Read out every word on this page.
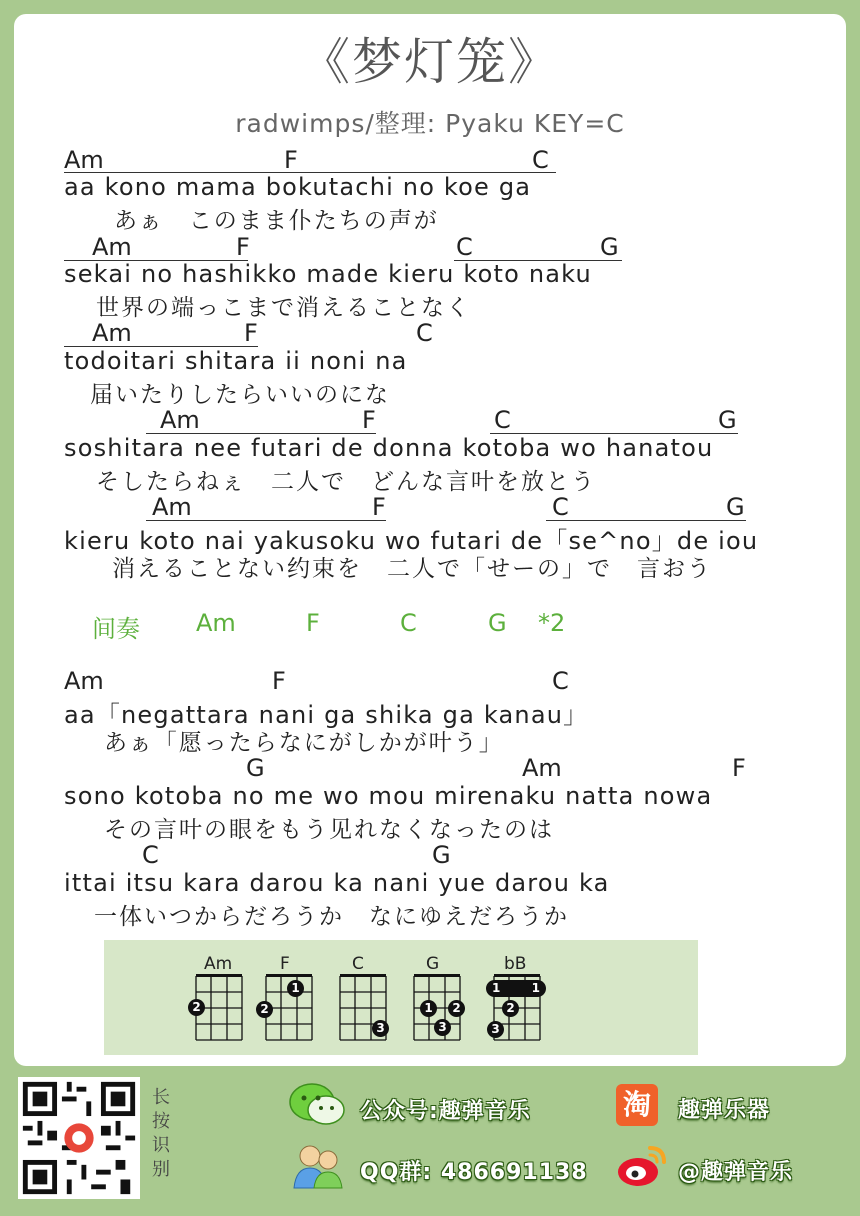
《梦灯笼》
radwimps/整理: Pyaku KEY=C
Am	F	C
aa kono mama bokutachi no koe ga
あぁ　このまま仆たちの声が
Am	F	C	G
sekai no hashikko made kieru koto naku
世界の端っこまで消えることなく
Am	F	C
todoitari shitara ii noni na
届いたりしたらいいのにな
Am	F	C	G
soshitara nee futari de donna kotoba wo hanatou
そしたらねぇ　二人で　どんな言叶を放とう
Am	F	C	G
kieru koto nai yakusoku wo futari de「se^no」de iou
消えることない约束を　二人で「せーの」で　言おう
间奏 Am	F	C	G *2
Am	F	C
aa「negattara nani ga shika ga kanau」
あぁ「愿ったらなにがしかが叶う」
G	Am	F
sono kotoba no me wo mou mirenaku natta nowa
その言叶の眼をもう见れなくなったのは
C	G
ittai itsu kara darou ka nani yue darou ka
一体いつからだろうか　なにゆえだろうか
Am
2
F
1
2
C
3
G
1	2
3
bB
1	1
2
3
长按识别
公众号:趣弹音乐	淘	趣弹乐器
QQ群: 486691138	@趣弹音乐
